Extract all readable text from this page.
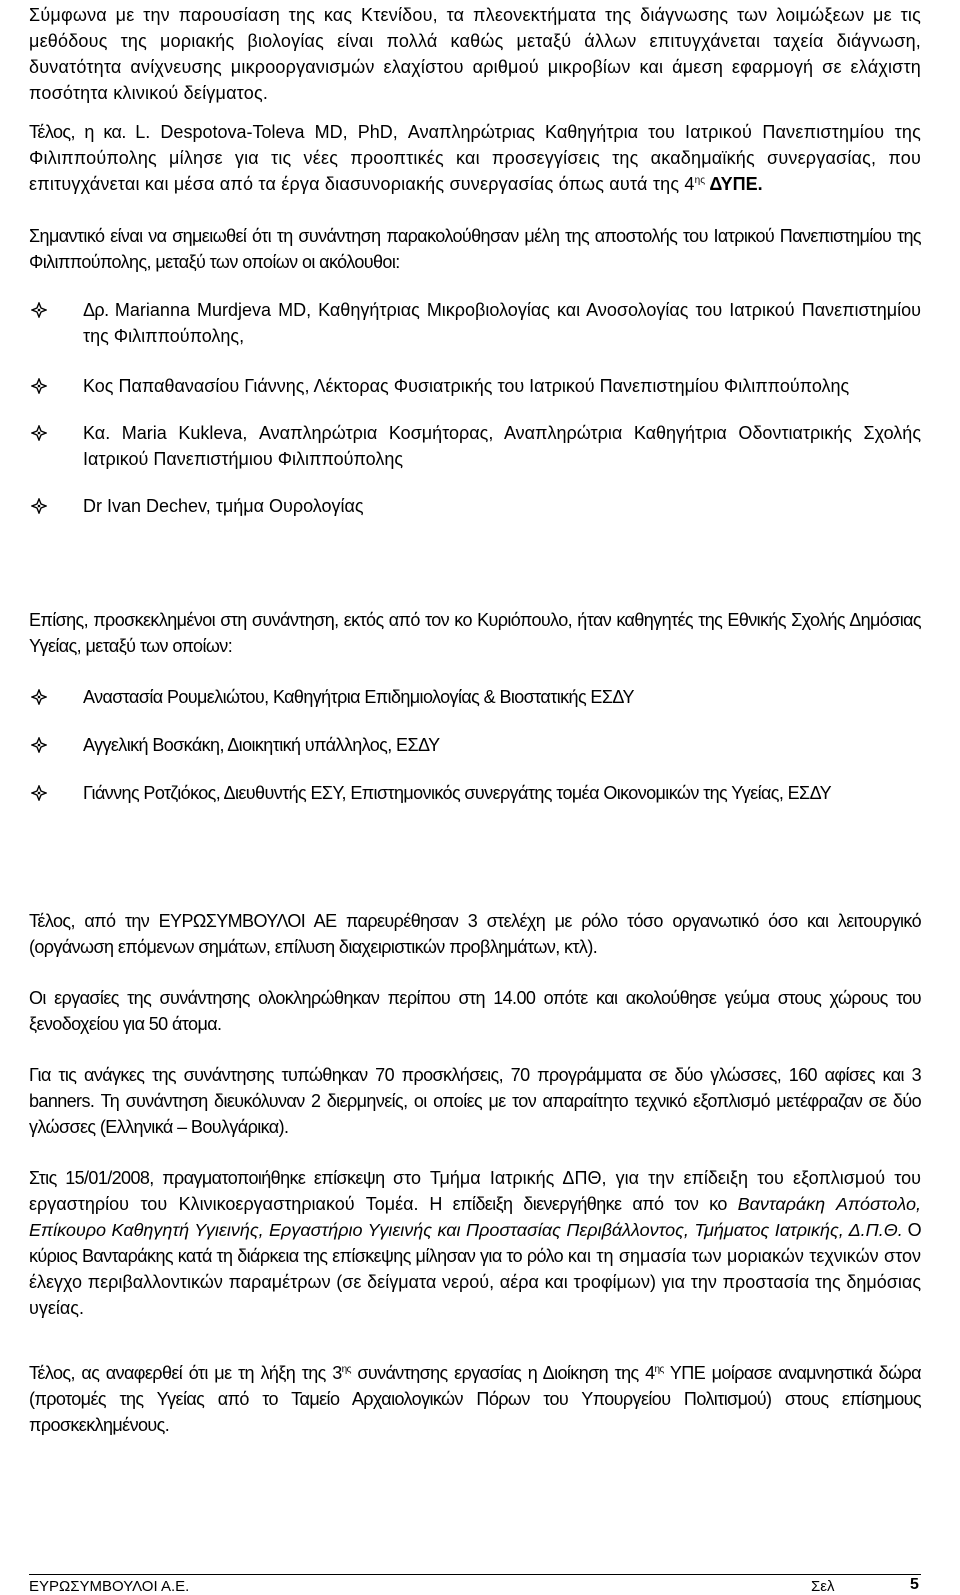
Σύμφωνα με την παρουσίαση της κας Κτενίδου, τα πλεονεκτήματα της διάγνωσης των λοιμώξεων με τις μεθόδους της μοριακής βιολογίας είναι πολλά καθώς μεταξύ άλλων επιτυγχάνεται ταχεία διάγνωση, δυνατότητα ανίχνευσης μικροοργανισμών ελαχίστου αριθμού μικροβίων και άμεση εφαρμογή σε ελάχιστη ποσότητα κλινικού δείγματος.

Τέλος, η κα. L. Despotova-Toleva MD, PhD, Αναπληρώτριας Καθηγήτρια του Ιατρικού Πανεπιστημίου της Φιλιππούπολης μίλησε για τις νέες προοπτικές και προσεγγίσεις της ακαδημαϊκής συνεργασίας, που επιτυγχάνεται και μέσα από τα έργα διασυνοριακής συνεργασίας όπως αυτά της $4^{\eta\varsigma}$ ΔΥΠΕ.

Σημαντικό είναι να σημειωθεί ότι τη συνάντηση παρακολούθησαν μέλη της αποστολής του Ιατρικού Πανεπιστημίου της Φιλιππούπολης, μεταξύ των οποίων οι ακόλουθοι:

Δρ. Marianna Murdjeva MD, Καθηγήτριας Μικροβιολογίας και Ανοσολογίας του Ιατρικού Πανεπιστημίου της Φιλιππούπολης,
Κος Παπαθανασίου Γιάννης, Λέκτορας Φυσιατρικής του Ιατρικού Πανεπιστημίου Φιλιππούπολης
Κα. Maria Kukleva, Αναπληρώτρια Κοσμήτορας, Αναπληρώτρια Καθηγήτρια Οδοντιατρικής Σχολής Ιατρικού Πανεπιστήμιου Φιλιππούπολης
Dr Ivan Dechev, τμήμα Ουρολογίας

Επίσης, προσκεκλημένοι στη συνάντηση, εκτός από τον κο Κυριόπουλο, ήταν καθηγητές της Εθνικής Σχολής Δημόσιας Υγείας, μεταξύ των οποίων:

Αναστασία Ρουμελιώτου, Καθηγήτρια Επιδημιολογίας & Βιοστατικής ΕΣΔΥ
Αγγελική Βοσκάκη, Διοικητική υπάλληλος, ΕΣΔΥ
Γιάννης Ροτζιόκος, Διευθυντής ΕΣΥ, Επιστημονικός συνεργάτης τομέα Οικονομικών της Υγείας, ΕΣΔΥ

Τέλος, από την ΕΥΡΩΣΥΜΒΟΥΛΟΙ ΑΕ παρευρέθησαν 3 στελέχη με ρόλο τόσο οργανωτικό όσο και λειτουργικό (οργάνωση επόμενων σημάτων, επίλυση διαχειριστικών προβλημάτων, κτλ).

Οι εργασίες της συνάντησης ολοκληρώθηκαν περίπου στη 14.00 οπότε και ακολούθησε γεύμα στους χώρους του ξενοδοχείου για 50 άτομα.

Για τις ανάγκες της συνάντησης τυπώθηκαν 70 προσκλήσεις, 70 προγράμματα σε δύο γλώσσες, 160 αφίσες και 3 banners. Τη συνάντηση διευκόλυναν 2 διερμηνείς, οι οποίες με τον απαραίτητο τεχνικό εξοπλισμό μετέφραζαν σε δύο γλώσσες (Ελληνικά – Βουλγάρικα).

Στις 15/01/2008, πραγματοποιήθηκε επίσκεψη στο Τμήμα Ιατρικής ΔΠΘ, για την επίδειξη του εξοπλισμού του εργαστηρίου του Κλινικοεργαστηριακού Τομέα. Η επίδειξη διενεργήθηκε από τον κο Βανταράκη Απόστολο, Επίκουρο Καθηγητή Υγιεινής, Εργαστήριο Υγιεινής και Προστασίας Περιβάλλοντος, Τμήματος Ιατρικής, Δ.Π.Θ. Ο κύριος Βανταράκης κατά τη διάρκεια της επίσκεψης μίλησαν για το ρόλο και τη σημασία των μοριακών τεχνικών στον έλεγχο περιβαλλοντικών παραμέτρων (σε δείγματα νερού, αέρα και τροφίμων) για την προστασία της δημόσιας υγείας.

Τέλος, ας αναφερθεί ότι με τη λήξη της $3^{\eta\varsigma}$ συνάντησης εργασίας η Διοίκηση της $4^{\eta\varsigma}$ ΥΠΕ μοίρασε αναμνηστικά δώρα (προτομές της Υγείας από το Ταμείο Αρχαιολογικών Πόρων του Υπουργείου Πολιτισμού) στους επίσημους προσκεκλημένους.

ΕΥΡΩΣΥΜΒΟΥΛΟΙ Α.Ε.	Σελ	5
